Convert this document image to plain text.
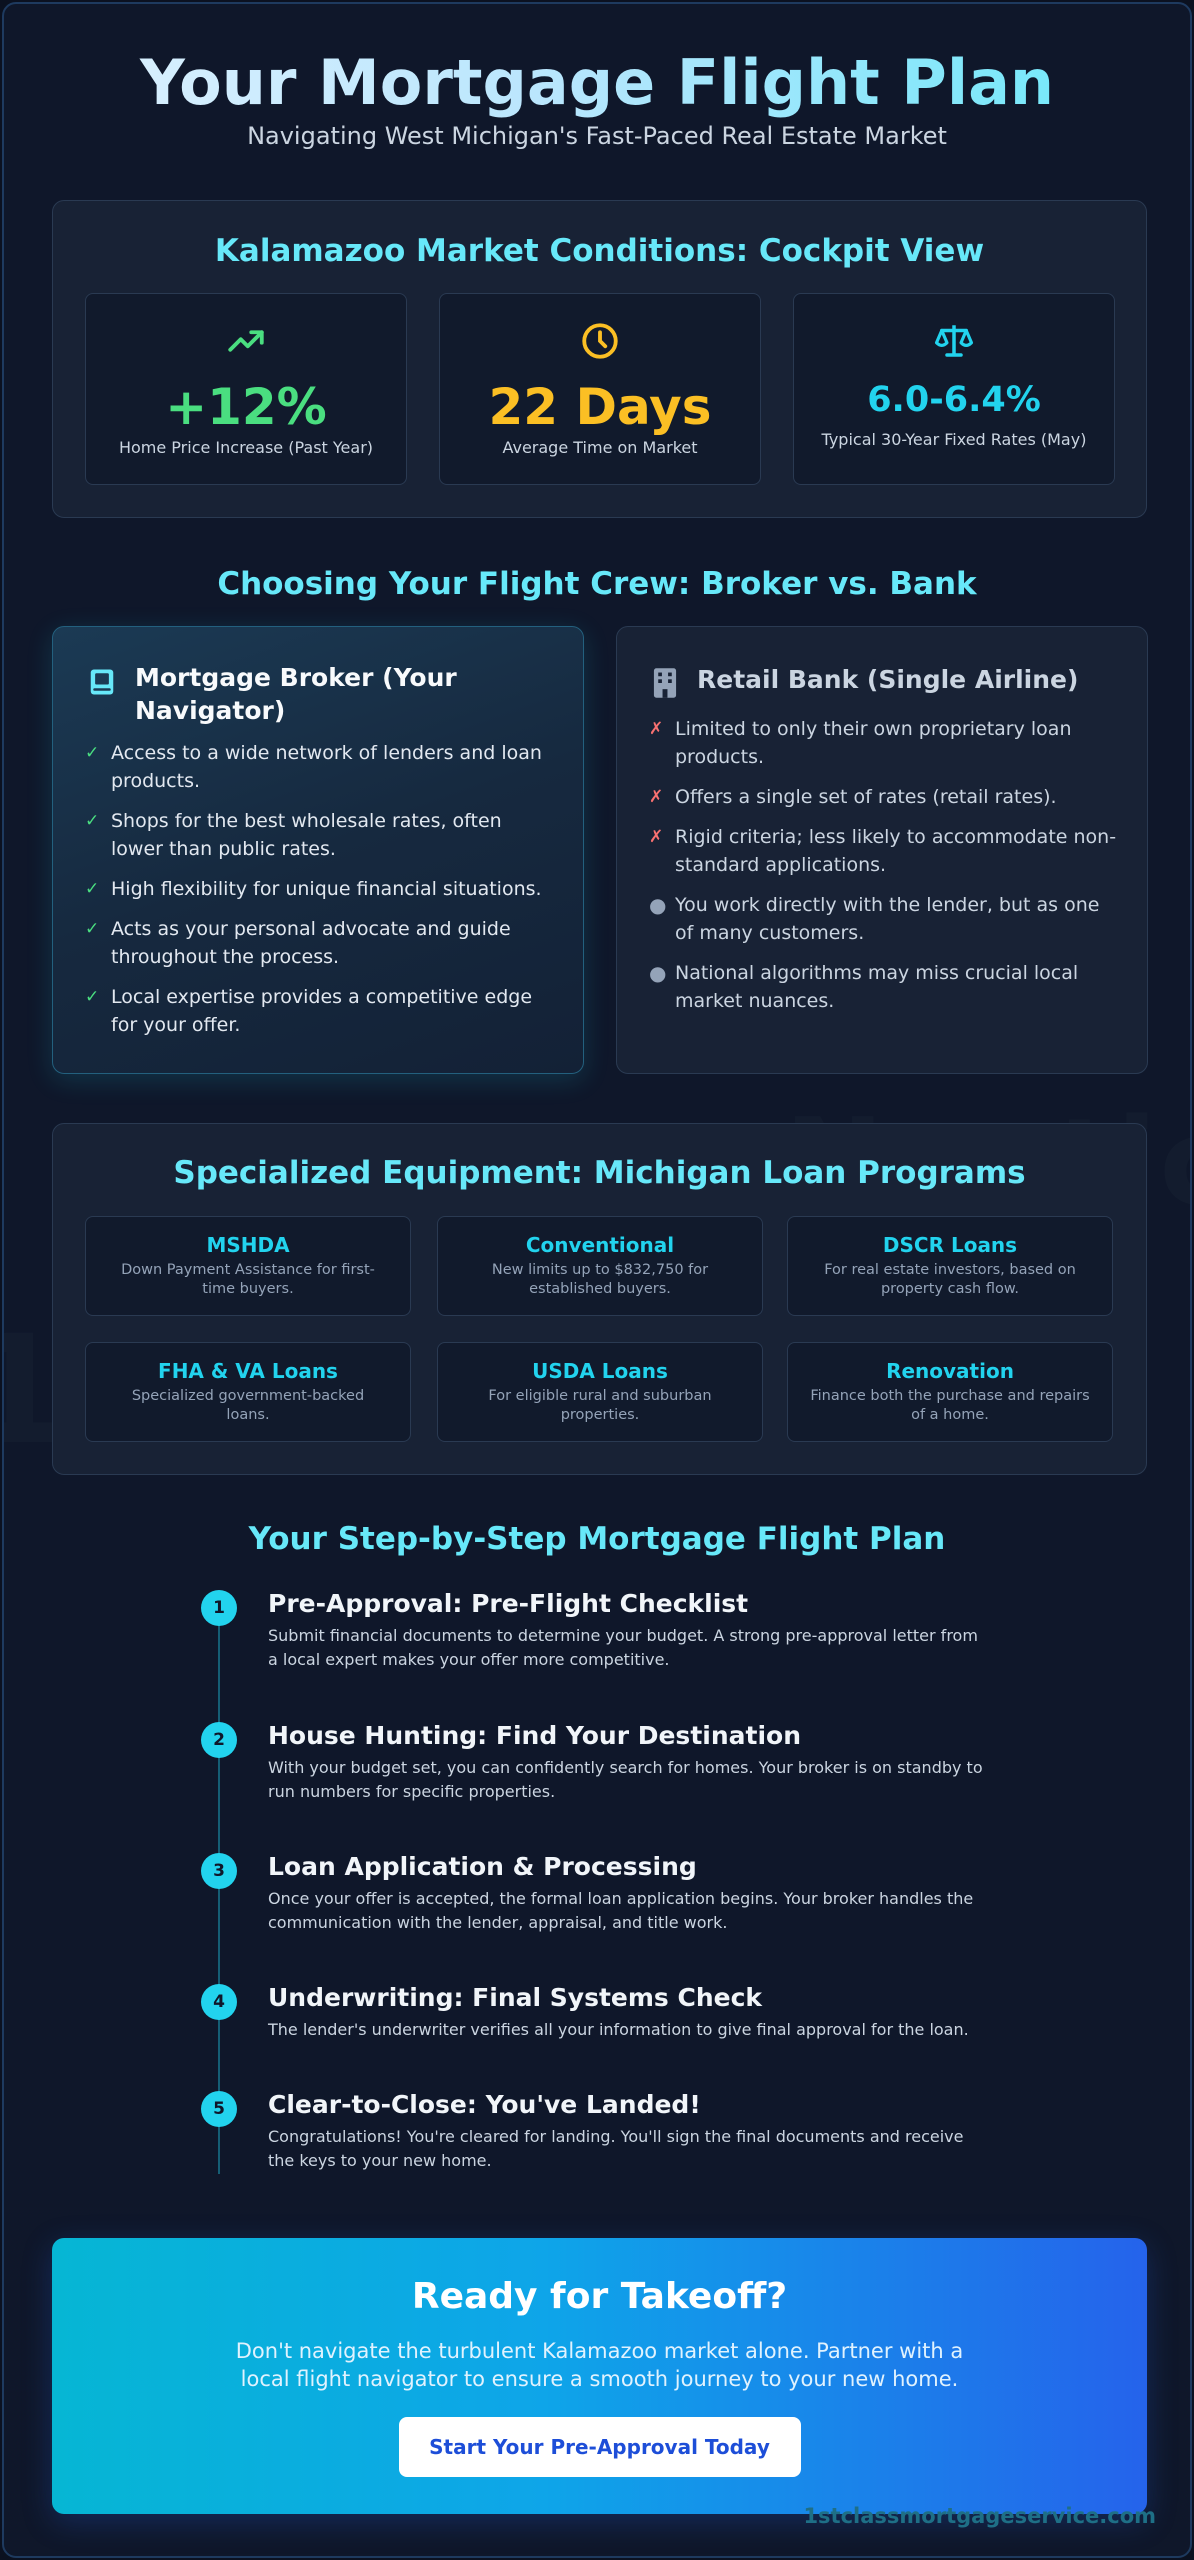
Your Mortgage Flight Plan
Navigating West Michigan's Fast-Paced Real Estate Market
Kalamazoo Market Conditions: Cockpit View
+12%
Home Price Increase (Past Year)
22 Days
Average Time on Market
6.0-6.4%
Typical 30-Year Fixed Rates (May)
Choosing Your Flight Crew: Broker vs. Bank
Mortgage Broker (Your Navigator)
✓ Access to a wide network of lenders and loan products.
✓ Shops for the best wholesale rates, often lower than public rates.
✓ High flexibility for unique financial situations.
✓ Acts as your personal advocate and guide throughout the process.
✓ Local expertise provides a competitive edge for your offer.
Retail Bank (Single Airline)
✗ Limited to only their own proprietary loan products.
✗ Offers a single set of rates (retail rates).
✗ Rigid criteria; less likely to accommodate non-standard applications.
● You work directly with the lender, but as one of many customers.
● National algorithms may miss crucial local market nuances.
Specialized Equipment: Michigan Loan Programs
MSHDA
Down Payment Assistance for first-time buyers.
Conventional
New limits up to $832,750 for established buyers.
DSCR Loans
For real estate investors, based on property cash flow.
FHA & VA Loans
Specialized government-backed loans.
USDA Loans
For eligible rural and suburban properties.
Renovation
Finance both the purchase and repairs of a home.
Your Step-by-Step Mortgage Flight Plan
1	Pre-Approval: Pre-Flight Checklist
Submit financial documents to determine your budget. A strong pre-approval letter from a local expert makes your offer more competitive.
2	House Hunting: Find Your Destination
With your budget set, you can confidently search for homes. Your broker is on standby to run numbers for specific properties.
3	Loan Application & Processing
Once your offer is accepted, the formal loan application begins. Your broker handles the communication with the lender, appraisal, and title work.
4	Underwriting: Final Systems Check
The lender's underwriter verifies all your information to give final approval for the loan.
5	Clear-to-Close: You've Landed!
Congratulations! You're cleared for landing. You'll sign the final documents and receive the keys to your new home.
Ready for Takeoff?
Don't navigate the turbulent Kalamazoo market alone. Partner with a local flight navigator to ensure a smooth journey to your new home.
Start Your Pre-Approval Today
1stclassmortgageservice.com
